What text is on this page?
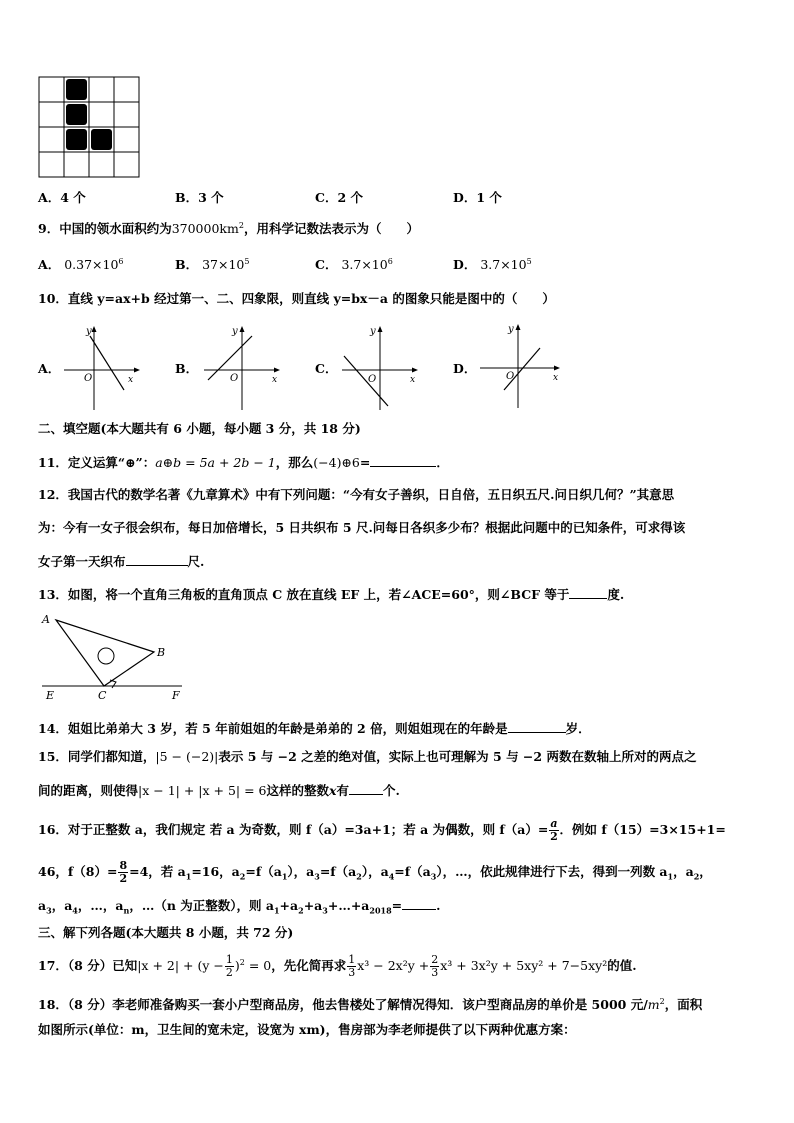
A．4 个	B．3 个	C．2 个	D．1 个
9．中国的领水面积约为$370000km^2$，用科学记数法表示为（　　）
A． $0.37\times 10^6$	B． $37\times 10^5$	C． $3.7\times 10^6$	D． $3.7\times 10^5$
10．直线 y=ax+b 经过第一、二、四象限，则直线 y=bx－a 的图象只能是图中的（　　）
A．
y
O	x
B．
y
O	x
C．
y
O	x
D．
y
O	x
二、填空题(本大题共有 6 小题，每小题 3 分，共 18 分)
11．定义运算“⊕”：a⊕b = 5a + 2b − 1，那么(−4)⊕6=	．
12．我国古代的数学名著《九章算术》中有下列问题：“今有女子善织，日自倍，五日织五尺.问日织几何？”其意思
为：今有一女子很会织布，每日加倍增长，5 日共织布 5 尺.问每日各织多少布？根据此问题中的已知条件，可求得该
女子第一天织布	尺.
13．如图，将一个直角三角板的直角顶点 C 放在直线 EF 上，若∠ACE=60°，则∠BCF 等于	度.
A
B
C
E	F
14．姐姐比弟弟大 3 岁，若 5 年前姐姐的年龄是弟弟的 2 倍，则姐姐现在的年龄是	岁．
15．同学们都知道，|5 − (−2)|表示 5 与 −2 之差的绝对值，实际上也可理解为 5 与 −2 两数在数轴上所对的两点之
间的距离，则使得|x − 1| + |x + 5| = 6这样的整数x有	个.
16．对于正整数 a，我们规定 若 a 为奇数，则 f（a）=3a+1；若 a 为偶数，则 $f(a)= \frac{a}{2}$ ．例如 f（15）=3×15+1=
46，$f(8)= \frac{8}{2} =4$，若 $a_1=16$，$a_2=f(a_1)$，$a_3=f(a_2)$，$a_4=f(a_3)$，…，依此规律进行下去，得到一列数 $a_1$，$a_2$，
$a_3$，$a_4$，…，$a_n$，…（n 为正整数），则 $a_1+a_2+a_3+\dots+a_{2018}=$	.
三、解下列各题(本大题共 8 小题，共 72 分)
17．（8 分）已知$|x + 2| + (y - \frac{1}{2} )^2 = 0$，先化简再求 $\frac{1}{3} x^3 - 2x^2y + \frac{2}{3} x^3 + 3x^2y + 5xy^2 + 7-5xy^2$的值.
18．（8 分）李老师准备购买一套小户型商品房，他去售楼处了解情况得知．该户型商品房的单价是 5000 元$/m^2$，面积
如图所示(单位：m，卫生间的宽未定，设宽为 xm)，售房部为李老师提供了以下两种优惠方案：
